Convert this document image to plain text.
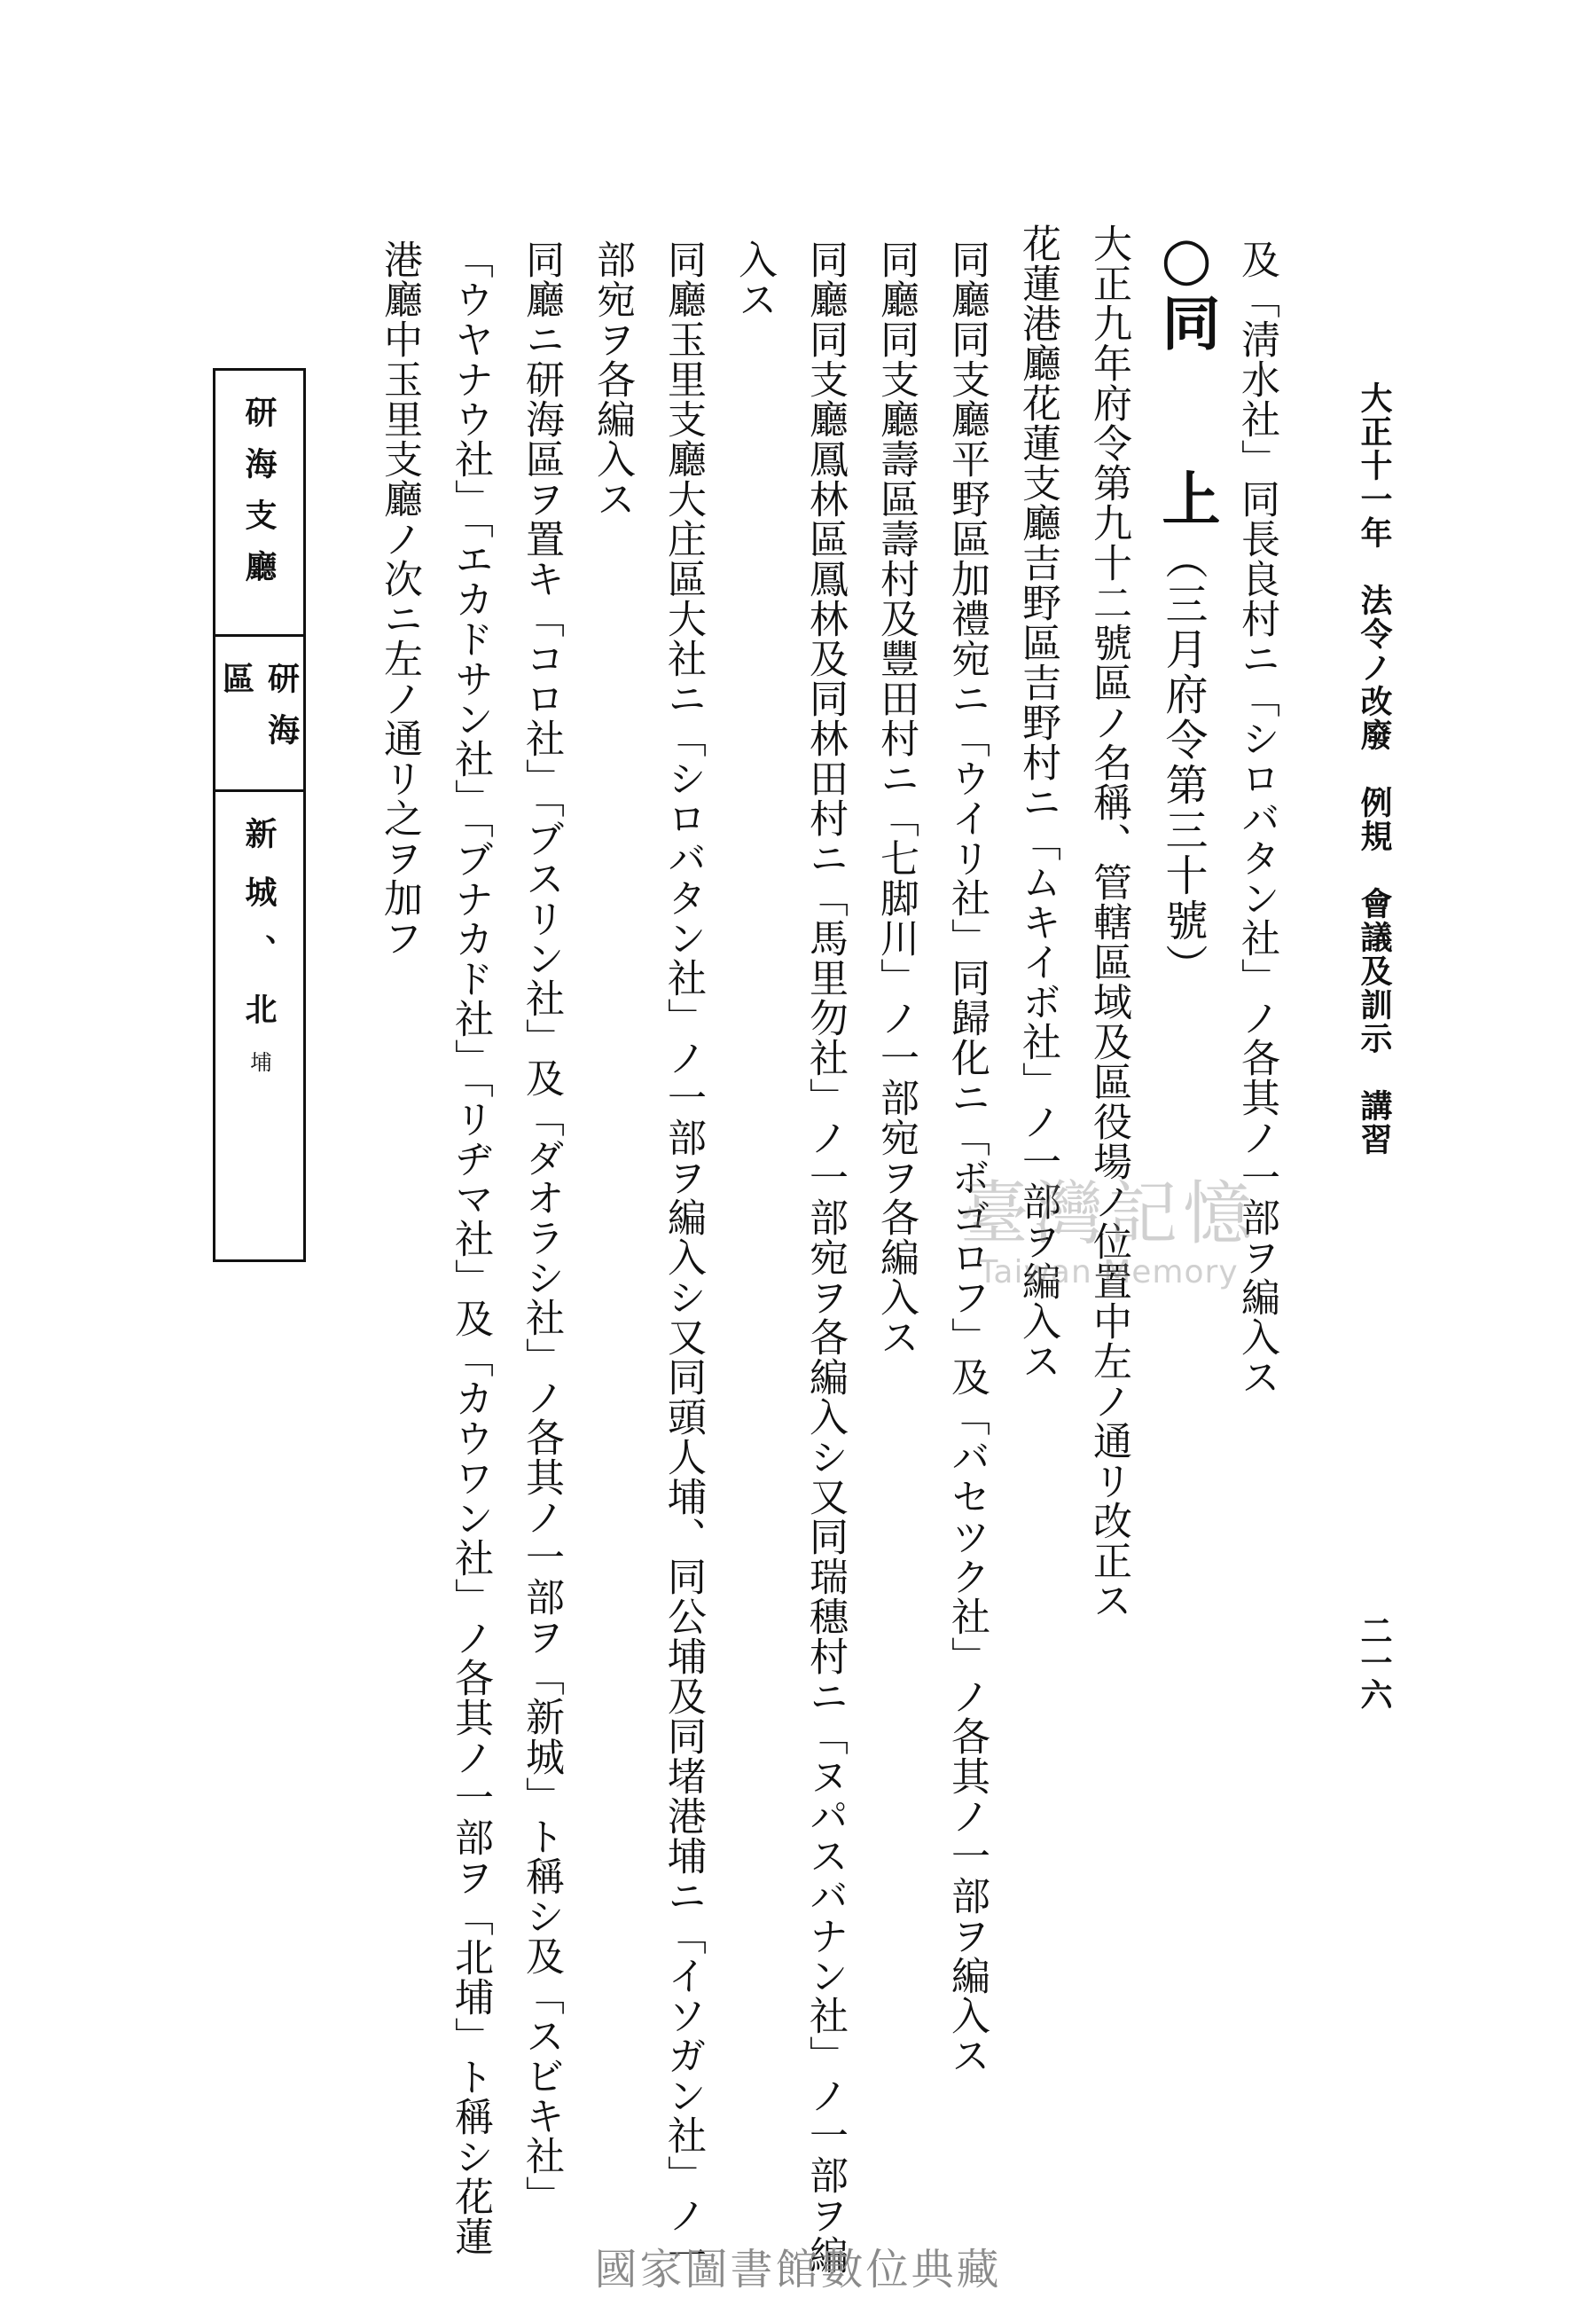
大正十一年　法令ノ改廢　例規　會議及訓示　講習
二一六
及「淸水社」同長良村ニ「シロバタン社」ノ各其ノ一部ヲ編入ス
○同　　上
（三月府令第三十號）
大正九年府令第九十二號區ノ名稱、管轄區域及區役場ノ位置中左ノ通リ改正ス
花蓮港廳花蓮支廳吉野區吉野村ニ「ムキイボ社」ノ一部ヲ編入ス
同廳同支廳平野區加禮宛ニ「ウイリ社」同歸化ニ「ボゴロフ」及「バセツク社」ノ各其ノ一部ヲ編入ス
同廳同支廳壽區壽村及豐田村ニ「七脚川」ノ一部宛ヲ各編入ス
同廳同支廳鳳林區鳳林及同林田村ニ「馬里勿社」ノ一部宛ヲ各編入シ又同瑞穗村ニ「ヌパスバナン社」ノ一部ヲ編
入ス
同廳玉里支廳大庄區大社ニ「シロバタン社」ノ一部ヲ編入シ又同頭人埔、同公埔及同堵港埔ニ「イソガン社」ノ一
部宛ヲ各編入ス
同廳ニ研海區ヲ置キ「コロ社」「ブスリン社」及「ダオラシ社」ノ各其ノ一部ヲ「新城」ト稱シ及「スビキ社」
「ウヤナウ社」「エカドサン社」「ブナカド社」「リヂマ社」及「カウワン社」ノ各其ノ一部ヲ「北埔」ト稱シ花蓮
港廳中玉里支廳ノ次ニ左ノ通リ之ヲ加フ
研海支廳
研海區
新城、北
埔
臺灣記憶
Taiwan Memory
國家圖書館數位典藏
